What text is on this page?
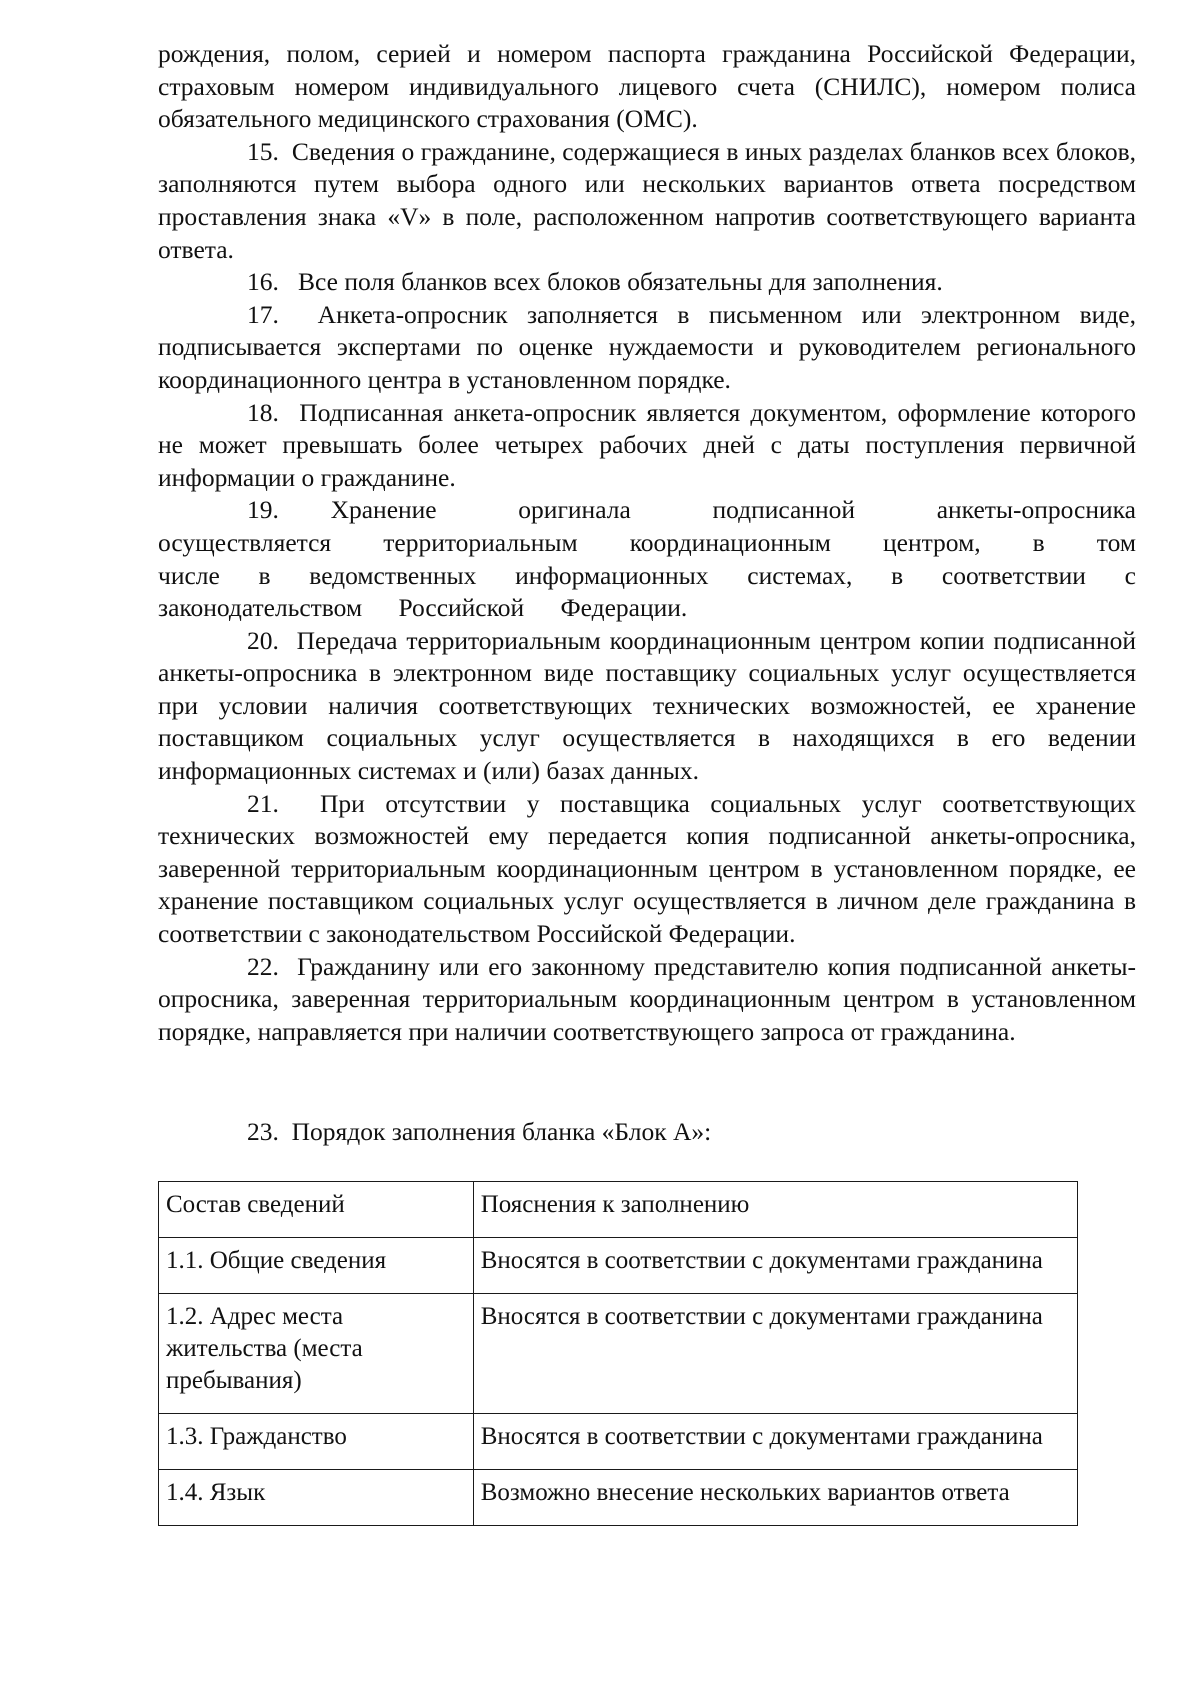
рождения, полом, серией и номером паспорта гражданина Российской Федерации, страховым номером индивидуального лицевого счета (СНИЛС), номером полиса обязательного медицинского страхования (ОМС).

15. Сведения о гражданине, содержащиеся в иных разделах бланков всех блоков, заполняются путем выбора одного или нескольких вариантов ответа посредством проставления знака «V» в поле, расположенном напротив соответствующего варианта ответа.

16. Все поля бланков всех блоков обязательны для заполнения.

17. Анкета-опросник заполняется в письменном или электронном виде, подписывается экспертами по оценке нуждаемости и руководителем регионального координационного центра в установленном порядке.

18. Подписанная анкета-опросник является документом, оформление которого не может превышать более четырех рабочих дней с даты поступления первичной информации о гражданине.

19. Хранение оригинала подписанной анкеты-опросника осуществляется территориальным координационным центром, в том числе в ведомственных информационных системах, в соответствии с законодательством Российской Федерации.

20. Передача территориальным координационным центром копии подписанной анкеты-опросника в электронном виде поставщику социальных услуг осуществляется при условии наличия соответствующих технических возможностей, ее хранение поставщиком социальных услуг осуществляется в находящихся в его ведении информационных системах и (или) базах данных.

21. При отсутствии у поставщика социальных услуг соответствующих технических возможностей ему передается копия подписанной анкеты-опросника, заверенной территориальным координационным центром в установленном порядке, ее хранение поставщиком социальных услуг осуществляется в личном деле гражданина в соответствии с законодательством Российской Федерации.

22. Гражданину или его законному представителю копия подписанной анкеты-опросника, заверенная территориальным координационным центром в установленном порядке, направляется при наличии соответствующего запроса от гражданина.

23. Порядок заполнения бланка «Блок А»:

Состав сведений	Пояснения к заполнению
1.1. Общие сведения	Вносятся в соответствии с документами гражданина
1.2. Адрес места жительства (места пребывания)	Вносятся в соответствии с документами гражданина
1.3. Гражданство	Вносятся в соответствии с документами гражданина
1.4. Язык	Возможно внесение нескольких вариантов ответа
